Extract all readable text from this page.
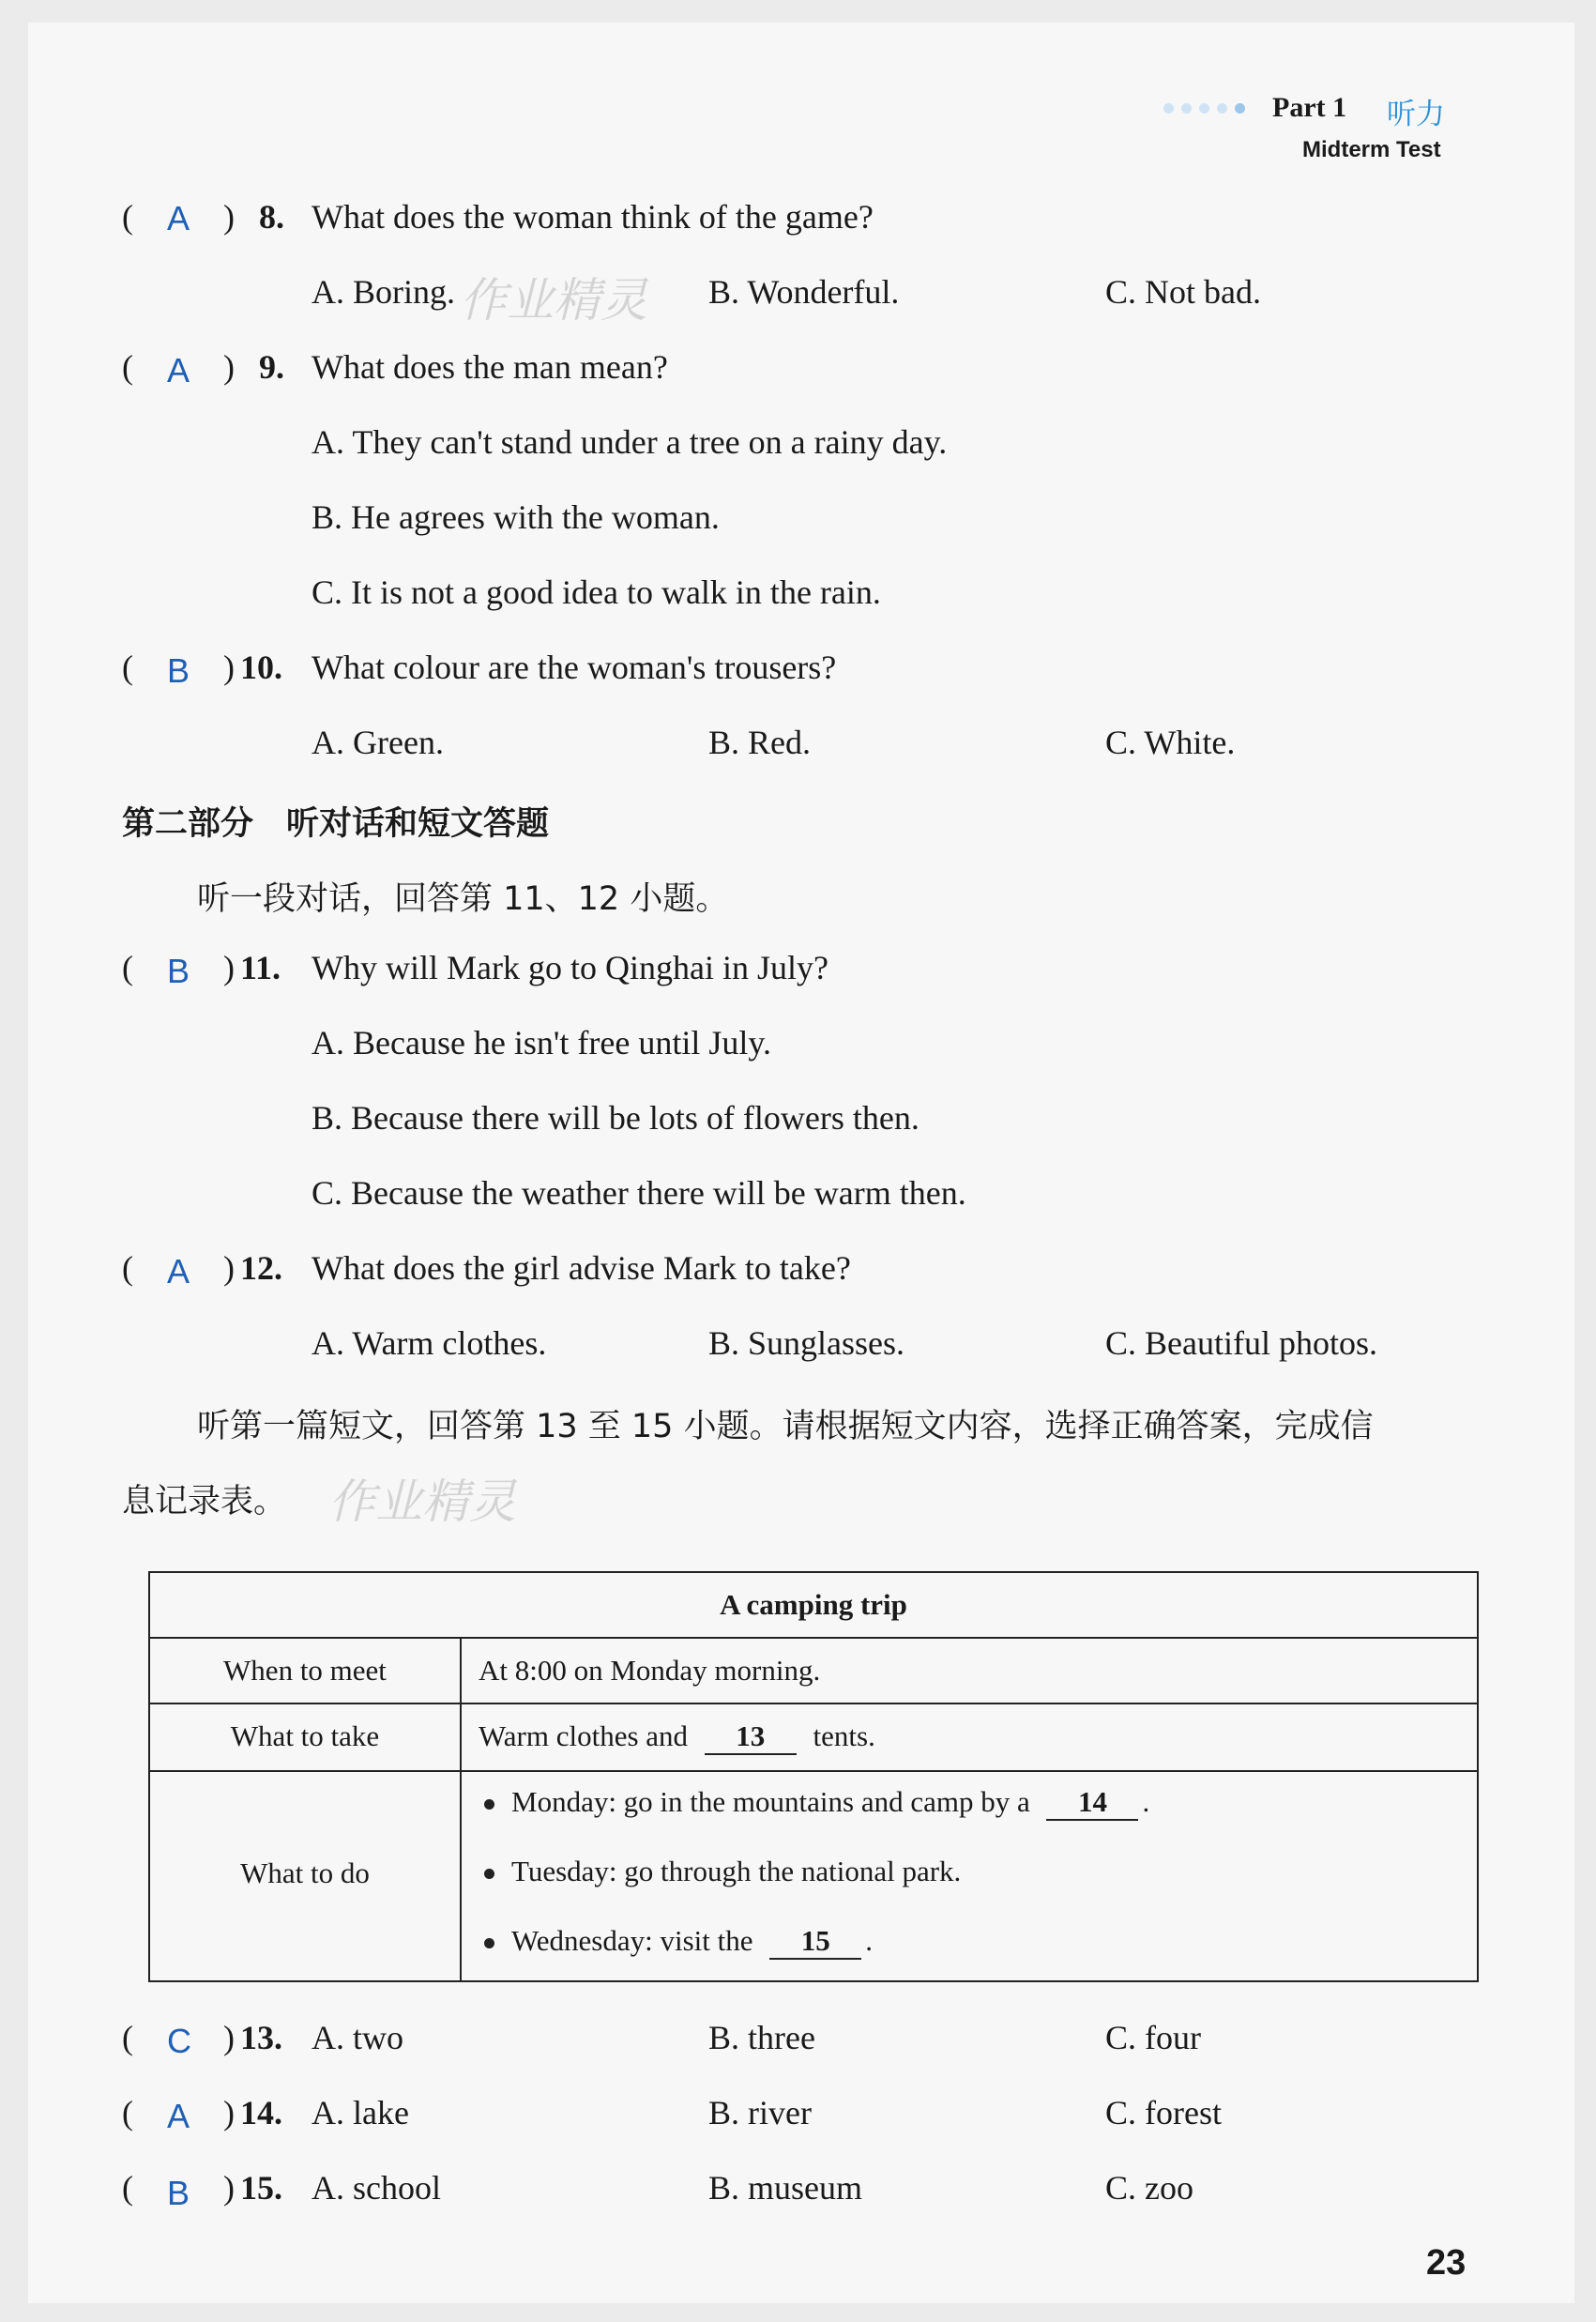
Part 1 听力
Midterm Test
( A ) 8. What does the woman think of the game?
A. Boring.	B. Wonderful.	C. Not bad.
作业精灵
( A ) 9. What does the man mean?
A. They can't stand under a tree on a rainy day.
B. He agrees with the woman.
C. It is not a good idea to walk in the rain.
( B ) 10. What colour are the woman's trousers?
A. Green.	B. Red.	C. White.
第二部分　听对话和短文答题
听一段对话，回答第 11、12 小题。
( B ) 11. Why will Mark go to Qinghai in July?
A. Because he isn't free until July.
B. Because there will be lots of flowers then.
C. Because the weather there will be warm then.
( A ) 12. What does the girl advise Mark to take?
A. Warm clothes.	B. Sunglasses.	C. Beautiful photos.
听第一篇短文，回答第 13 至 15 小题。请根据短文内容，选择正确答案，完成信
息记录表。 作业精灵
A camping trip
When to meet	At 8:00 on Monday morning.
What to take	Warm clothes and 13 tents.
What to do
Monday: go in the mountains and camp by a 14 .
Tuesday: go through the national park.
Wednesday: visit the 15 .
( C ) 13. A. two	B. three	C. four
( A ) 14. A. lake	B. river	C. forest
( B ) 15. A. school	B. museum	C. zoo
23
